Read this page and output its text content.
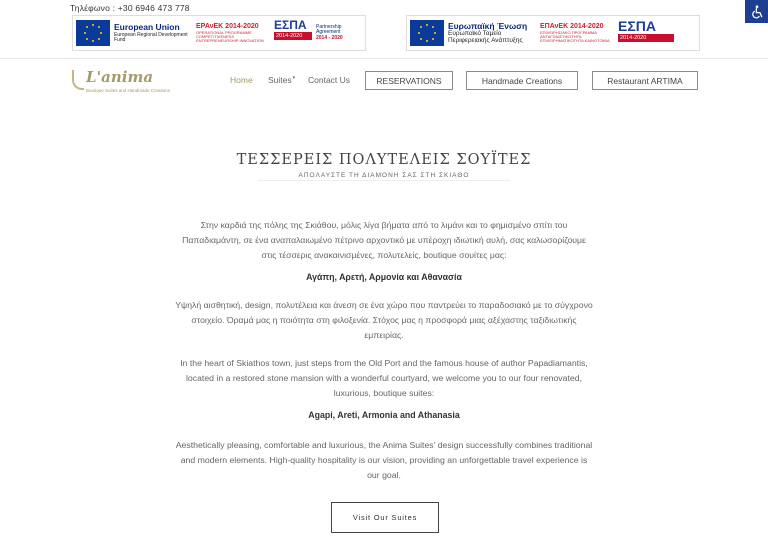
Τηλέφωνο : +30 6946 473 778
European Union
European Regional Development Fund
ΕΡΑνΕΚ 2014-2020
OPERATIONAL PROGRAMME COMPETITIVENESS ENTREPRENEURSHIP INNOVATION
ΕΣΠΑ
2014-2020
Partnership Agreement
2014 - 2020
Ευρωπαϊκή Ένωση
Ευρωπαϊκό Ταμείο Περιφερειακής Ανάπτυξης
ΕΠΑνΕΚ 2014-2020
ΕΠΙΧΕΙΡΗΣΙΑΚΟ ΠΡΟΓΡΑΜΜΑ ΑΝΤΑΓΩΝΙΣΤΙΚΟΤΗΤΑ ΕΠΙΧΕΙΡΗΜΑΤΙΚΟΤΗΤΑ ΚΑΙΝΟΤΟΜΙΑ
ΕΣΠΑ
2014-2020
L'anima
Boutique Suites and Handmade Creations
Home Suites▾ Contact Us	RESERVATIONS	Handmade Creations	Restaurant ARTIMA
ΤΕΣΣΕΡΕΙΣ ΠΟΛΥΤΕΛΕΙΣ ΣΟΥΪΤΕΣ
ΑΠΟΛΑΥΣΤΕ ΤΗ ΔΙΑΜΟΝΗ ΣΑΣ ΣΤΗ ΣΚΙΑΘΟ
Στην καρδιά της πόλης της Σκιάθου, μόλις λίγα βήματα από το λιμάνι και το φημισμένο σπίτι του Παπαδιαμάντη, σε ένα αναπαλαιωμένο πέτρινο αρχοντικό με υπέροχη ιδιωτική αυλή, σας καλωσορίζουμε στις τέσσερις ανακαινισμένες, πολυτελείς, boutique σουίτες μας:
Αγάπη, Αρετή, Αρμονία και Αθανασία
Υψηλή αισθητική, design, πολυτέλεια και άνεση σε ένα χώρο που παντρεύει το παραδοσιακό με το σύγχρονο στοιχείο. Όραμά μας η ποιότητα στη φιλοξενία. Στόχος μας η προσφορά μιας αξέχαστης ταξιδιωτικής εμπειρίας.
In the heart of Skiathos town, just steps from the Old Port and the famous house of author Papadiamantis, located in a restored stone mansion with a wonderful courtyard, we welcome you to our four renovated, luxurious, boutique suites:
Agapi, Areti, Armonia and Athanasia
Aesthetically pleasing, comfortable and luxurious, the Anima Suites' design successfully combines traditional and modern elements. High-quality hospitality is our vision, providing an unforgettable travel experience is our goal.
Visit Our Suites
